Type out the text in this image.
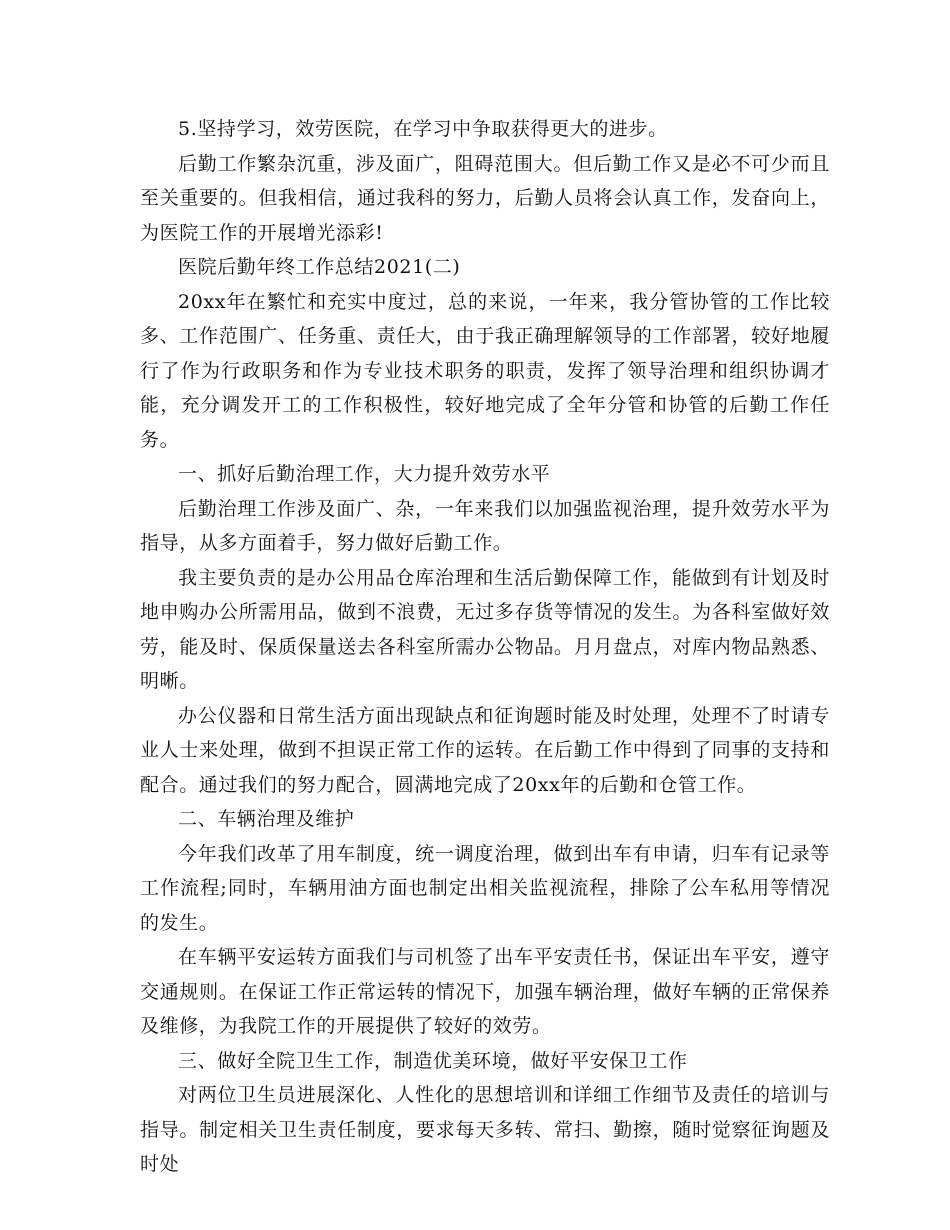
5.坚持学习，效劳医院，在学习中争取获得更大的进步。

后勤工作繁杂沉重，涉及面广，阻碍范围大。但后勤工作又是必不可少而且至关重要的。但我相信，通过我科的努力，后勤人员将会认真工作，发奋向上，为医院工作的开展增光添彩!

医院后勤年终工作总结2021(二)

20xx年在繁忙和充实中度过，总的来说，一年来，我分管协管的工作比较多、工作范围广、任务重、责任大，由于我正确理解领导的工作部署，较好地履行了作为行政职务和作为专业技术职务的职责，发挥了领导治理和组织协调才能，充分调发开工的工作积极性，较好地完成了全年分管和协管的后勤工作任务。

一、抓好后勤治理工作，大力提升效劳水平

后勤治理工作涉及面广、杂，一年来我们以加强监视治理，提升效劳水平为指导，从多方面着手，努力做好后勤工作。

我主要负责的是办公用品仓库治理和生活后勤保障工作，能做到有计划及时地申购办公所需用品，做到不浪费，无过多存货等情况的发生。为各科室做好效劳，能及时、保质保量送去各科室所需办公物品。月月盘点，对库内物品熟悉、明晰。

办公仪器和日常生活方面出现缺点和征询题时能及时处理，处理不了时请专业人士来处理，做到不担误正常工作的运转。在后勤工作中得到了同事的支持和配合。通过我们的努力配合，圆满地完成了20xx年的后勤和仓管工作。

二、车辆治理及维护

今年我们改革了用车制度，统一调度治理，做到出车有申请，归车有记录等工作流程;同时，车辆用油方面也制定出相关监视流程，排除了公车私用等情况的发生。

在车辆平安运转方面我们与司机签了出车平安责任书，保证出车平安，遵守交通规则。在保证工作正常运转的情况下，加强车辆治理，做好车辆的正常保养及维修，为我院工作的开展提供了较好的效劳。

三、做好全院卫生工作，制造优美环境，做好平安保卫工作

对两位卫生员进展深化、人性化的思想培训和详细工作细节及责任的培训与指导。制定相关卫生责任制度，要求每天多转、常扫、勤擦，随时觉察征询题及时处
